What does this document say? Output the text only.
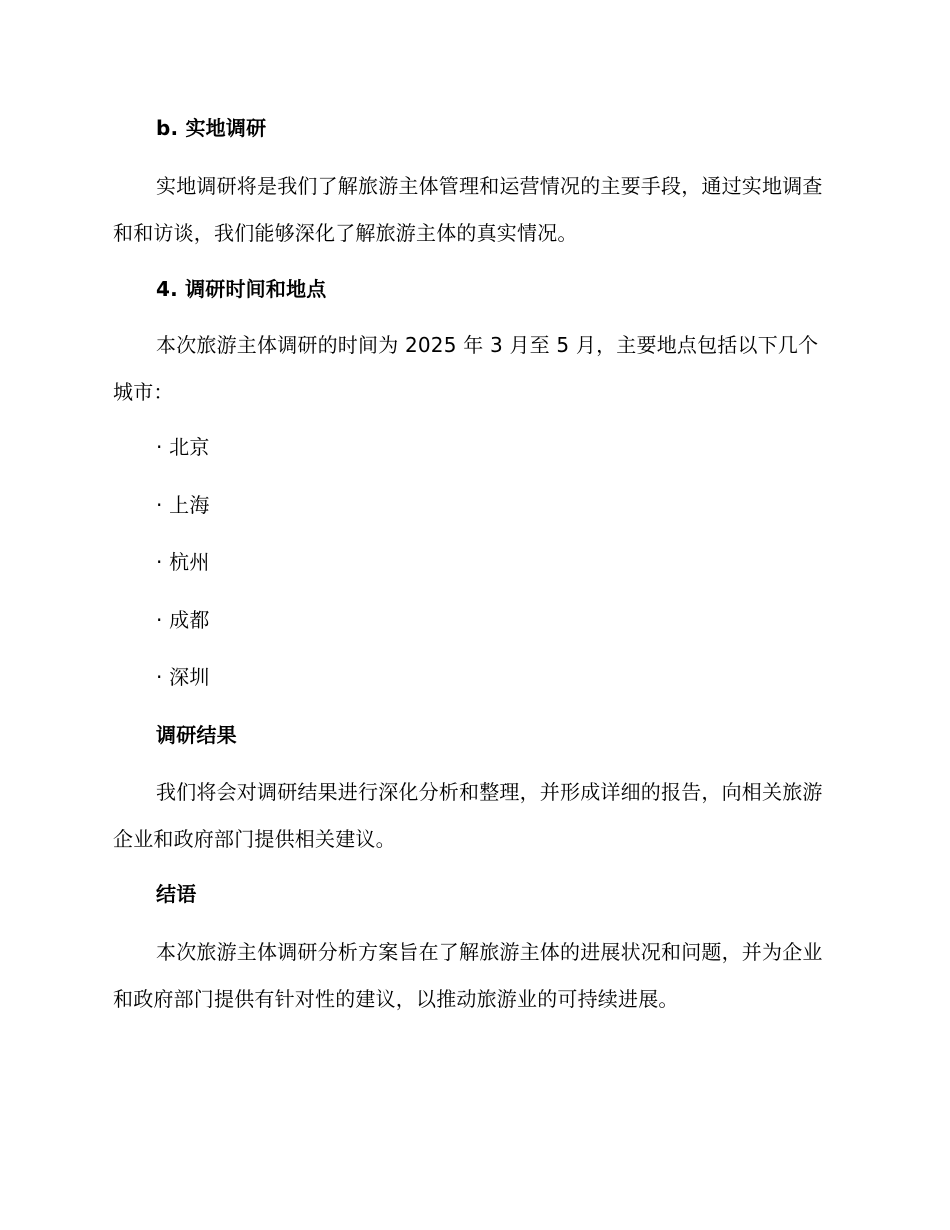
b. 实地调研
实地调研将是我们了解旅游主体管理和运营情况的主要手段，通过实地调查和和访谈，我们能够深化了解旅游主体的真实情况。
4. 调研时间和地点
本次旅游主体调研的时间为 2025 年 3 月至 5 月，主要地点包括以下几个城市：
· 北京
· 上海
· 杭州
· 成都
· 深圳
调研结果
我们将会对调研结果进行深化分析和整理，并形成详细的报告，向相关旅游企业和政府部门提供相关建议。
结语
本次旅游主体调研分析方案旨在了解旅游主体的进展状况和问题，并为企业和政府部门提供有针对性的建议，以推动旅游业的可持续进展。
